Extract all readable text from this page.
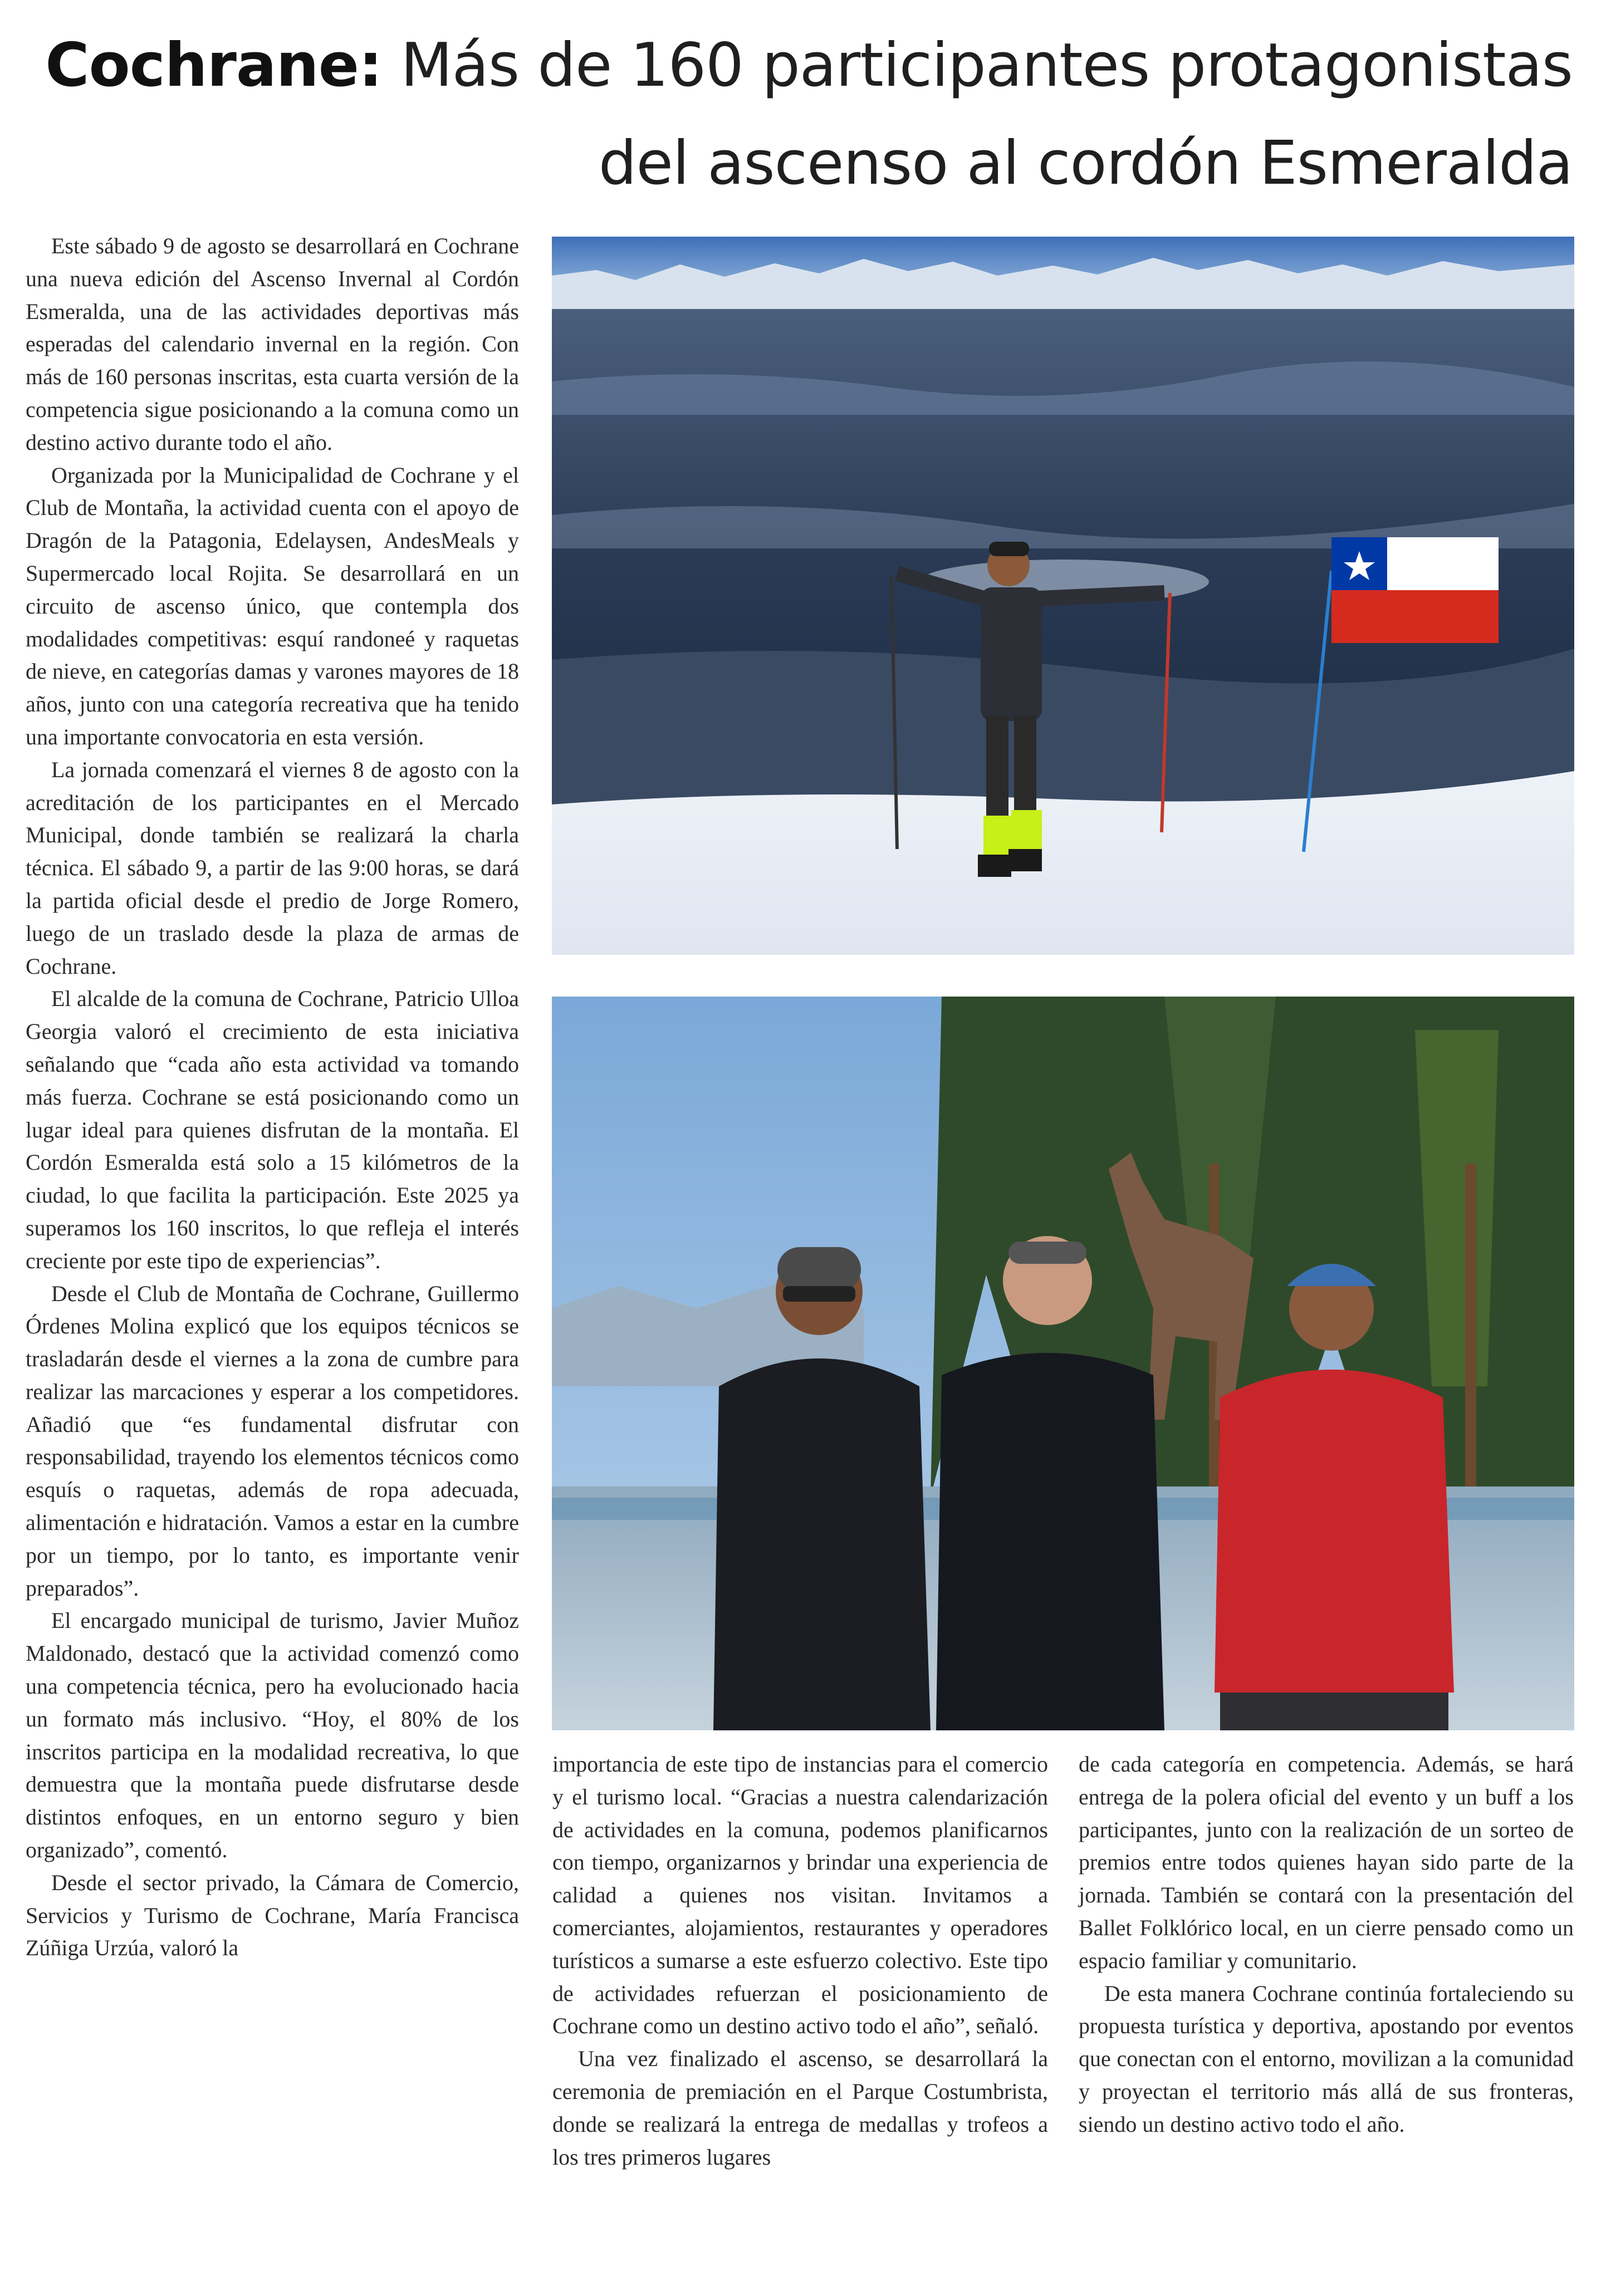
Cochrane: Más de 160 participantes protagonistas del ascenso al cordón Esmeralda

Este sábado 9 de agosto se desarrollará en Cochrane una nueva edición del Ascenso Invernal al Cordón Esmeralda, una de las actividades deportivas más esperadas del calendario invernal en la región. Con más de 160 personas inscritas, esta cuarta versión de la competencia sigue posicionando a la comuna como un destino activo durante todo el año.

Organizada por la Municipalidad de Cochrane y el Club de Montaña, la actividad cuenta con el apoyo de Dragón de la Patagonia, Edelaysen, AndesMeals y Supermercado local Rojita. Se desarrollará en un circuito de ascenso único, que contempla dos modalidades competitivas: esquí randoneé y raquetas de nieve, en categorías damas y varones mayores de 18 años, junto con una categoría recreativa que ha tenido una importante convocatoria en esta versión.

La jornada comenzará el viernes 8 de agosto con la acreditación de los participantes en el Mercado Municipal, donde también se realizará la charla técnica. El sábado 9, a partir de las 9:00 horas, se dará la partida oficial desde el predio de Jorge Romero, luego de un traslado desde la plaza de armas de Cochrane.

El alcalde de la comuna de Cochrane, Patricio Ulloa Georgia valoró el crecimiento de esta iniciativa señalando que “cada año esta actividad va tomando más fuerza. Cochrane se está posicionando como un lugar ideal para quienes disfrutan de la montaña. El Cordón Esmeralda está solo a 15 kilómetros de la ciudad, lo que facilita la participación. Este 2025 ya superamos los 160 inscritos, lo que refleja el interés creciente por este tipo de experiencias”.

Desde el Club de Montaña de Cochrane, Guillermo Órdenes Molina explicó que los equipos técnicos se trasladarán desde el viernes a la zona de cumbre para realizar las marcaciones y esperar a los competidores. Añadió que “es fundamental disfrutar con responsabilidad, trayendo los elementos técnicos como esquís o raquetas, además de ropa adecuada, alimentación e hidratación. Vamos a estar en la cumbre por un tiempo, por lo tanto, es importante venir preparados”.

El encargado municipal de turismo, Javier Muñoz Maldonado, destacó que la actividad comenzó como una competencia técnica, pero ha evolucionado hacia un formato más inclusivo. “Hoy, el 80% de los inscritos participa en la modalidad recreativa, lo que demuestra que la montaña puede disfrutarse desde distintos enfoques, en un entorno seguro y bien organizado”, comentó.

Desde el sector privado, la Cámara de Comercio, Servicios y Turismo de Cochrane, María Francisca Zúñiga Urzúa, valoró la

importancia de este tipo de instancias para el comercio y el turismo local. “Gracias a nuestra calendarización de actividades en la comuna, podemos planificarnos con tiempo, organizarnos y brindar una experiencia de calidad a quienes nos visitan. Invitamos a comerciantes, alojamientos, restaurantes y operadores turísticos a sumarse a este esfuerzo colectivo. Este tipo de actividades refuerzan el posicionamiento de Cochrane como un destino activo todo el año”, señaló.

Una vez finalizado el ascenso, se desarrollará la ceremonia de premiación en el Parque Costumbrista, donde se realizará la entrega de medallas y trofeos a los tres primeros lugares

de cada categoría en competencia. Además, se hará entrega de la polera oficial del evento y un buff a los participantes, junto con la realización de un sorteo de premios entre todos quienes hayan sido parte de la jornada. También se contará con la presentación del Ballet Folklórico local, en un cierre pensado como un espacio familiar y comunitario.

De esta manera Cochrane continúa fortaleciendo su propuesta turística y deportiva, apostando por eventos que conectan con el entorno, movilizan a la comunidad y proyectan el territorio más allá de sus fronteras, siendo un destino activo todo el año.
